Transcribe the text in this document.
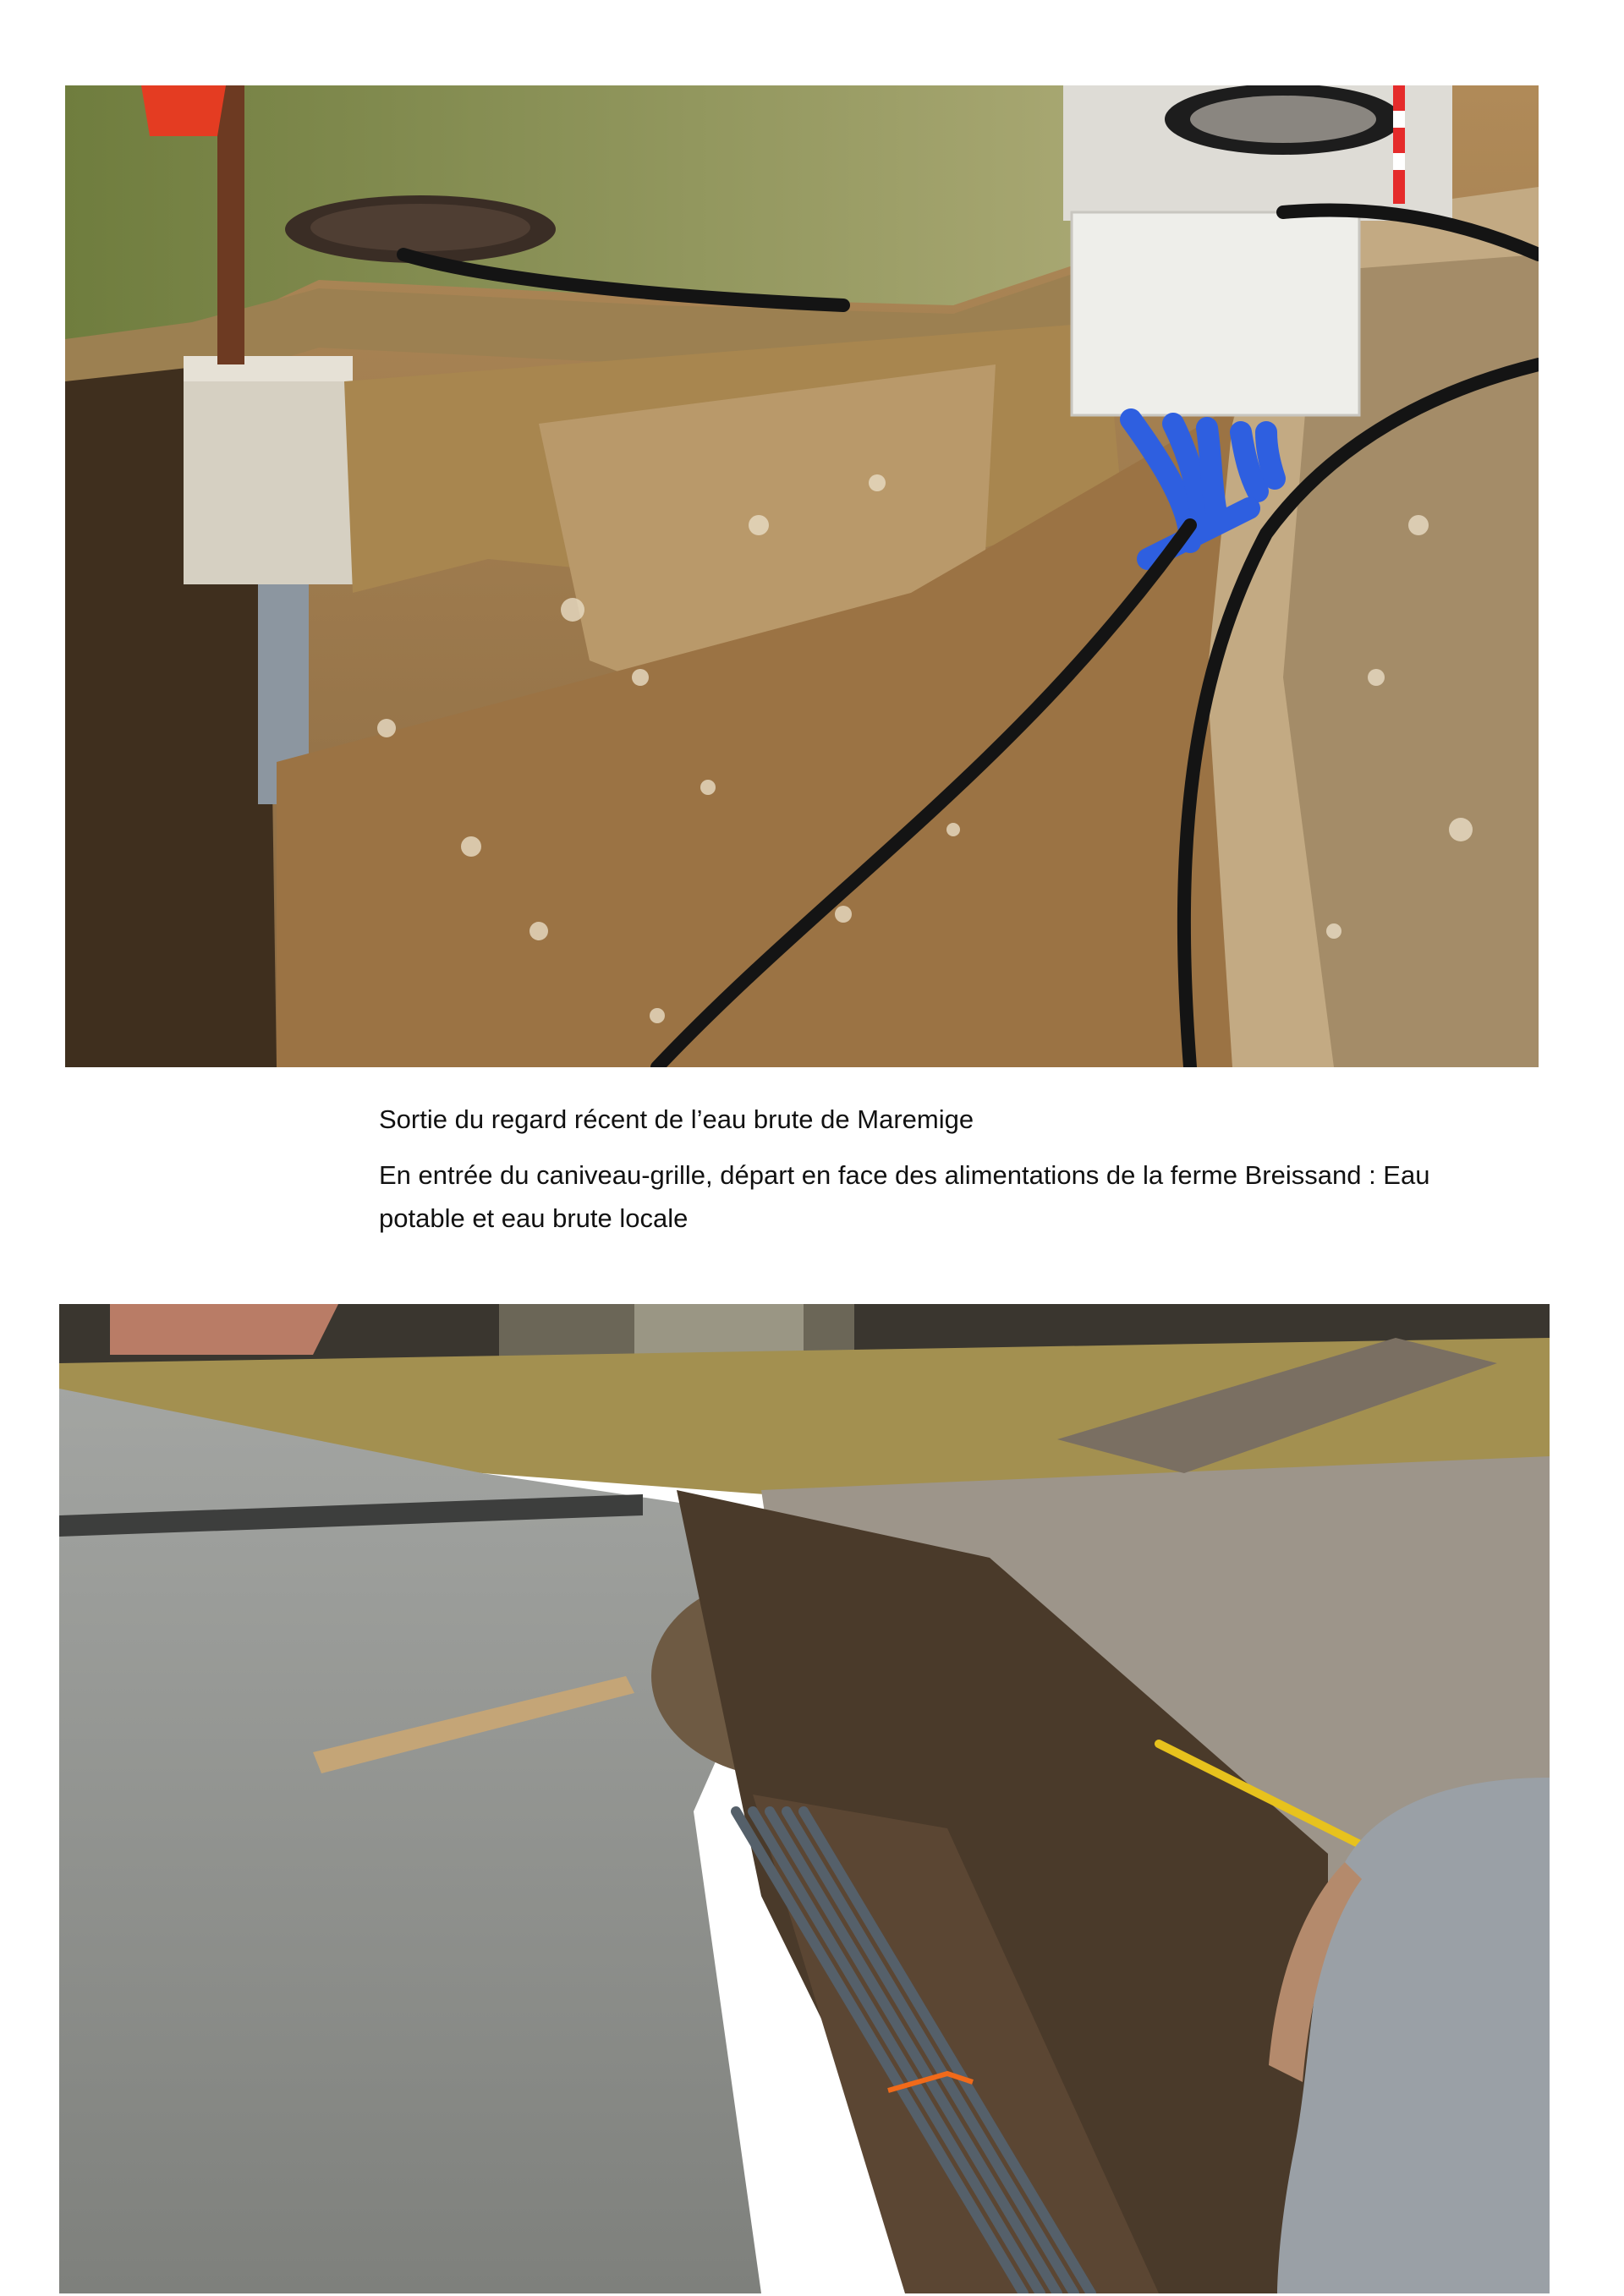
Sortie du regard récent de l’eau brute de Maremige

En entrée du caniveau-grille, départ en face des alimentations de la ferme Breissand : Eau potable et eau brute locale
